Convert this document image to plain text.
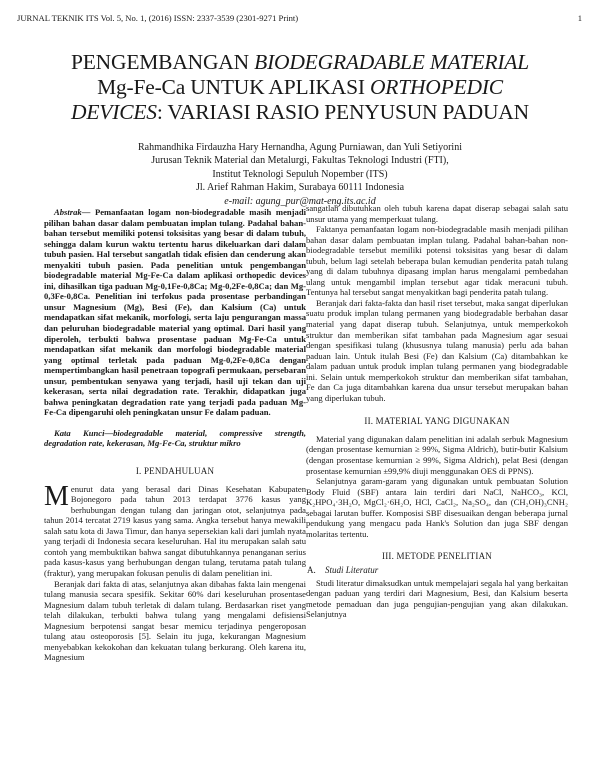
JURNAL TEKNIK ITS Vol. 5, No. 1, (2016) ISSN: 2337-3539 (2301-9271 Print)	1
PENGEMBANGAN BIODEGRADABLE MATERIAL
Mg-Fe-Ca UNTUK APLIKASI ORTHOPEDIC
DEVICES: VARIASI RASIO PENYUSUN PADUAN
Rahmandhika Firdauzha Hary Hernandha, Agung Purniawan, dan Yuli Setiyorini
Jurusan Teknik Material dan Metalurgi, Fakultas Teknologi Industri (FTI),
Institut Teknologi Sepuluh Nopember (ITS)
Jl. Arief Rahman Hakim, Surabaya 60111 Indonesia
e-mail: agung_pur@mat-eng.its.ac.id

Abstrak— Pemanfaatan logam non-biodegradable masih menjadi pilihan bahan dasar dalam pembuatan implan tulang. Padahal bahan-bahan tersebut memiliki potensi toksisitas yang besar di dalam tubuh, sehingga dalam kurun waktu tertentu harus dikeluarkan dari dalam tubuh pasien. Hal tersebut sangatlah tidak efisien dan cenderung akan menyakiti tubuh pasien. Pada penelitian untuk pengembangan biodegradable material Mg-Fe-Ca dalam aplikasi orthopedic devices ini, dihasilkan tiga paduan Mg-0,1Fe-0,8Ca; Mg-0,2Fe-0,8Ca; dan Mg-0,3Fe-0,8Ca. Penelitian ini terfokus pada prosentase perbandingan unsur Magnesium (Mg), Besi (Fe), dan Kalsium (Ca) untuk mendapatkan sifat mekanik, morfologi, serta laju pengurangan massa dan peluruhan biodegradable material yang optimal. Dari hasil yang diperoleh, terbukti bahwa prosentase paduan Mg-Fe-Ca untuk mendapatkan sifat mekanik dan morfologi biodegradable material yang optimal terletak pada paduan Mg-0,2Fe-0,8Ca dengan mempertimbangkan hasil penetraan topografi permukaan, persebaran unsur, pembentukan senyawa yang terjadi, hasil uji tekan dan uji kekerasan, serta nilai degradation rate. Terakhir, didapatkan juga bahwa peningkatan degradation rate yang terjadi pada paduan Mg-Fe-Ca dipengaruhi oleh peningkatan unsur Fe dalam paduan.

Kata Kunci—biodegradable material, compressive strength, degradation rate, kekerasan, Mg-Fe-Ca, struktur mikro

I. PENDAHULUAN

Menurut data yang berasal dari Dinas Kesehatan Kabupaten Bojonegoro pada tahun 2013 terdapat 3776 kasus yang berhubungan dengan tulang dan jaringan otot, selanjutnya pada tahun 2014 tercatat 2719 kasus yang sama. Angka tersebut hanya mewakili salah satu kota di Jawa Timur, dan hanya sepersekian kali dari jumlah nyata yang terjadi di Indonesia secara keseluruhan. Hal itu merupakan salah satu contoh yang membuktikan bahwa sangat dibutuhkannya penanganan serius pada kasus-kasus yang berhubungan dengan tulang, terutama patah tulang (fraktur), yang merupakan fokusan penulis di dalam penelitian ini.

Beranjak dari fakta di atas, selanjutnya akan dibahas fakta lain mengenai tulang manusia secara spesifik. Sekitar 60% dari keseluruhan prosentase Magnesium dalam tubuh terletak di dalam tulang. Berdasarkan riset yang telah dilakukan, terbukti bahwa tulang yang mengalami defisiensi Magnesium berpotensi sangat besar memicu terjadinya pengeroposan tulang atau osteoporosis [5]. Selain itu juga, kekurangan Magnesium menyebabkan kekokohan dan kekuatan tulang berkurang. Oleh karena itu, Magnesium

sangatlah dibutuhkan oleh tubuh karena dapat diserap sebagai salah satu unsur utama yang memperkuat tulang.

Faktanya pemanfaatan logam non-biodegradable masih menjadi pilihan bahan dasar dalam pembuatan implan tulang. Padahal bahan-bahan non-biodegradable tersebut memiliki potensi toksisitas yang besar di dalam tubuh, belum lagi setelah beberapa bulan kemudian penderita patah tulang yang di dalam tubuhnya dipasang implan harus mengalami pembedahan ulang untuk mengambil implan tersebut agar tidak meracuni tubuh. Tentunya hal tersebut sangat menyakitkan bagi penderita patah tulang.

Beranjak dari fakta-fakta dan hasil riset tersebut, maka sangat diperlukan suatu produk implan tulang permanen yang biodegradable berbahan dasar material yang dapat diserap tubuh. Selanjutnya, untuk memperkokoh struktur dan memberikan sifat tambahan pada Magnesium agar sesuai dengan spesifikasi tulang (khususnya tulang manusia) perlu ada bahan paduan lain. Untuk itulah Besi (Fe) dan Kalsium (Ca) ditambahkan ke dalam paduan untuk produk implan tulang permanen yang biodegradable ini. Selain untuk memperkokoh struktur dan memberikan sifat tambahan, Fe dan Ca juga ditambahkan karena dua unsur tersebut merupakan bahan yang diperlukan tubuh.

II. MATERIAL YANG DIGUNAKAN

Material yang digunakan dalam penelitian ini adalah serbuk Magnesium (dengan prosentase kemurnian ≥ 99%, Sigma Aldrich), butir-butir Kalsium (dengan prosentase kemurnian ≥ 99%, Sigma Aldrich), pelat Besi (dengan prosentase kemurnian ±99,9% diuji menggunakan OES di PPNS).

Selanjutnya garam-garam yang digunakan untuk pembuatan Solution Body Fluid (SBF) antara lain terdiri dari NaCl, NaHCO₃, KCl, K₂HPO₄·3H₂O, MgCl₂·6H₂O, HCl, CaCl₂, Na₂SO₄, dan (CH₂OH)₃CNH₂ sebagai larutan buffer. Komposisi SBF disesuaikan dengan beberapa jurnal pendukung yang mengacu pada Hank's Solution dan juga SBF dengan molaritas tertentu.

III. METODE PENELITIAN
A. Studi Literatur

Studi literatur dimaksudkan untuk mempelajari segala hal yang berkaitan dengan paduan yang terdiri dari Magnesium, Besi, dan Kalsium beserta metode pemaduan dan juga pengujian-pengujian yang akan dilakukan. Selanjutnya
